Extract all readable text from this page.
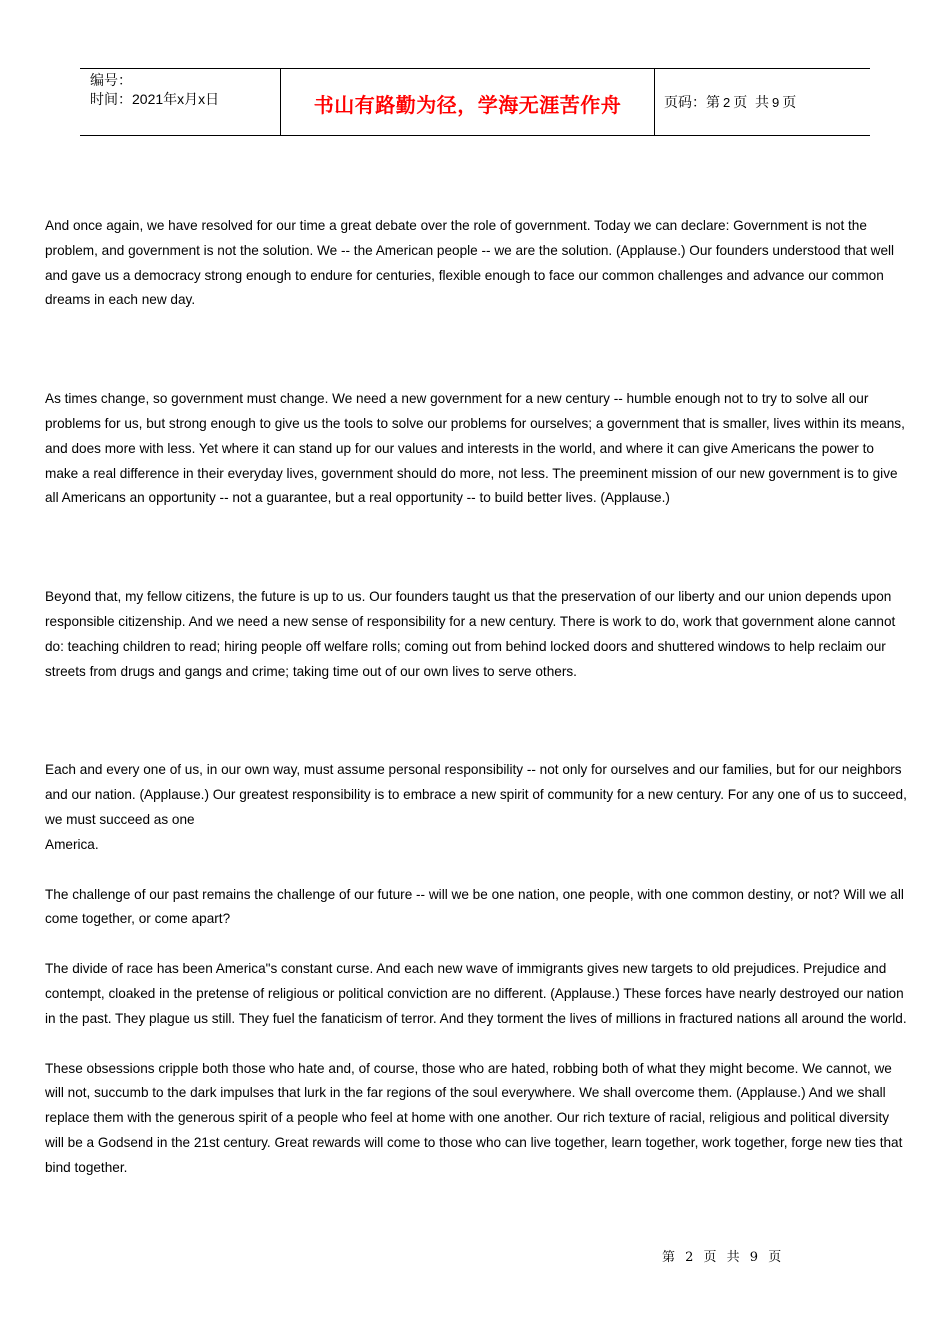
编号：
时间：2021年x月x日	书山有路勤为径，学海无涯苦作舟	页码：第 2 页  共 9 页

And once again, we have resolved for our time a great debate over the role of government. Today we can declare: Government is not the problem, and government is not the solution. We -- the American people -- we are the solution. (Applause.) Our founders understood that well and gave us a democracy strong enough to endure for centuries, flexible enough to face our common challenges and advance our common dreams in each new day.

As times change, so government must change. We need a new government for a new century -- humble enough not to try to solve all our problems for us, but strong enough to give us the tools to solve our problems for ourselves; a government that is smaller, lives within its means, and does more with less. Yet where it can stand up for our values and interests in the world, and where it can give Americans the power to make a real difference in their everyday lives, government should do more, not less. The preeminent mission of our new government is to give all Americans an opportunity -- not a guarantee, but a real opportunity -- to build better lives. (Applause.)

Beyond that, my fellow citizens, the future is up to us. Our founders taught us that the preservation of our liberty and our union depends upon responsible citizenship. And we need a new sense of responsibility for a new century. There is work to do, work that government alone cannot do: teaching children to read; hiring people off welfare rolls; coming out from behind locked doors and shuttered windows to help reclaim our streets from drugs and gangs and crime; taking time out of our own lives to serve others.

Each and every one of us, in our own way, must assume personal responsibility -- not only for ourselves and our families, but for our neighbors and our nation. (Applause.) Our greatest responsibility is to embrace a new spirit of community for a new century. For any one of us to succeed, we must succeed as one

America.

The challenge of our past remains the challenge of our future -- will we be one nation, one people, with one common destiny, or not? Will we all come together, or come apart?

The divide of race has been America"s constant curse. And each new wave of immigrants gives new targets to old prejudices. Prejudice and contempt, cloaked in the pretense of religious or political conviction are no different. (Applause.) These forces have nearly destroyed our nation in the past. They plague us still. They fuel the fanaticism of terror. And they torment the lives of millions in fractured nations all around the world.

These obsessions cripple both those who hate and, of course, those who are hated, robbing both of what they might become. We cannot, we will not, succumb to the dark impulses that lurk in the far regions of the soul everywhere. We shall overcome them. (Applause.) And we shall replace them with the generous spirit of a people who feel at home with one another. Our rich texture of racial, religious and political diversity will be a Godsend in the 21st century. Great rewards will come to those who can live together, learn together, work together, forge new ties that bind together.

第 2 页 共 9 页
